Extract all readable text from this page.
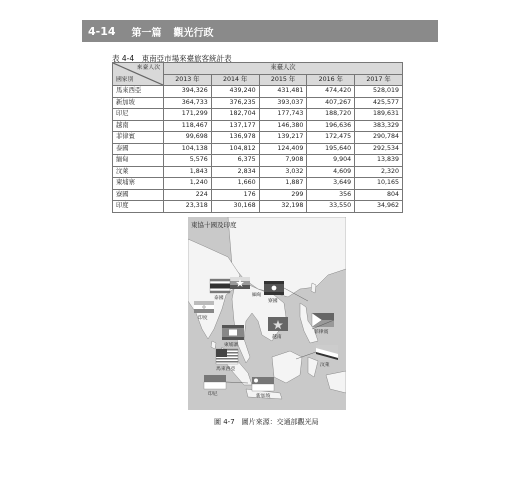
4-14 第一篇 觀光行政
表 4-4　東南亞市場來臺旅客統計表
來臺人次
國家別	來臺人次				
	2013 年	2014 年	2015 年	2016 年	2017 年
馬來西亞	394,326	439,240	431,481	474,420	528,019
新加坡	364,733	376,235	393,037	407,267	425,577
印尼	171,299	182,704	177,743	188,720	189,631
越南	118,467	137,177	146,380	196,636	383,329
菲律賓	99,698	136,978	139,217	172,475	290,784
泰國	104,138	104,812	124,409	195,640	292,534
緬甸	5,576	6,375	7,908	9,904	13,839
汶萊	1,843	2,834	3,032	4,609	2,320
柬埔寨	1,240	1,660	1,887	3,649	10,165
寮國	224	176	299	356	804
印度	23,318	30,168	32,198	33,550	34,962
東協十國及印度
印度
緬甸
泰國
寮國
柬埔寨
越南
菲律賓
馬來西亞
汶萊
印尼	新加坡
圖 4-7　圖片來源：交通部觀光局
